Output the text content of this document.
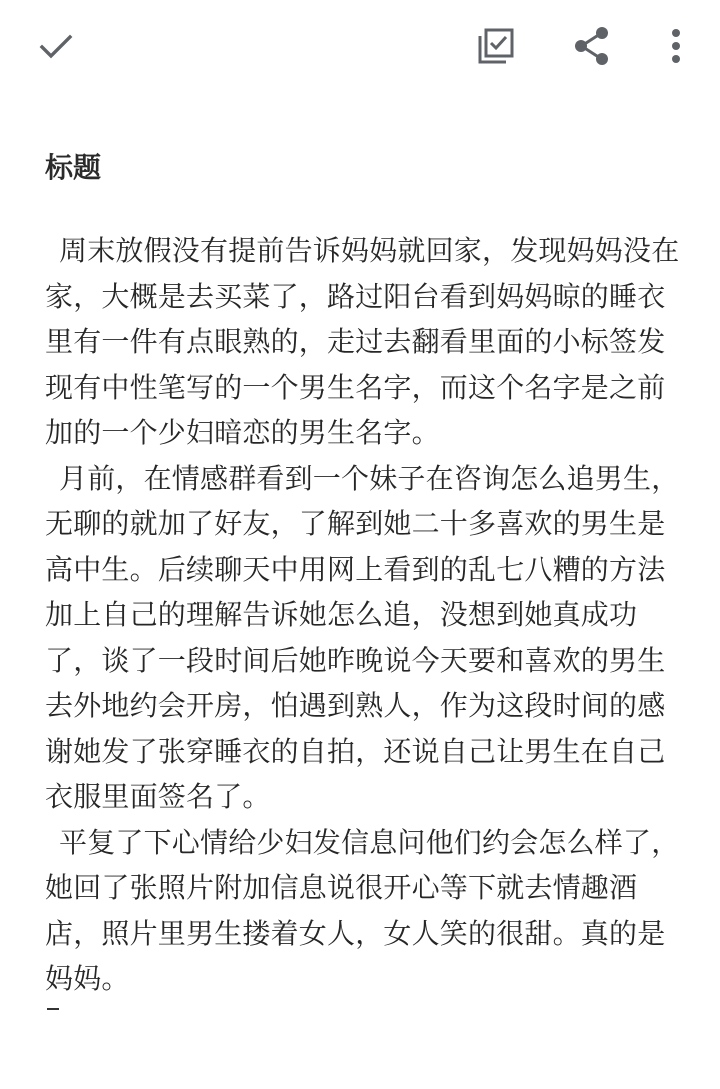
标题

周末放假没有提前告诉妈妈就回家，发现妈妈没在家，大概是去买菜了，路过阳台看到妈妈晾的睡衣里有一件有点眼熟的，走过去翻看里面的小标签发现有中性笔写的一个男生名字，而这个名字是之前加的一个少妇暗恋的男生名字。

月前，在情感群看到一个妹子在咨询怎么追男生，无聊的就加了好友，了解到她二十多喜欢的男生是高中生。后续聊天中用网上看到的乱七八糟的方法加上自己的理解告诉她怎么追，没想到她真成功了，谈了一段时间后她昨晚说今天要和喜欢的男生去外地约会开房，怕遇到熟人，作为这段时间的感谢她发了张穿睡衣的自拍，还说自己让男生在自己衣服里面签名了。

平复了下心情给少妇发信息问他们约会怎么样了，她回了张照片附加信息说很开心等下就去情趣酒店，照片里男生搂着女人，女人笑的很甜。真的是妈妈。
